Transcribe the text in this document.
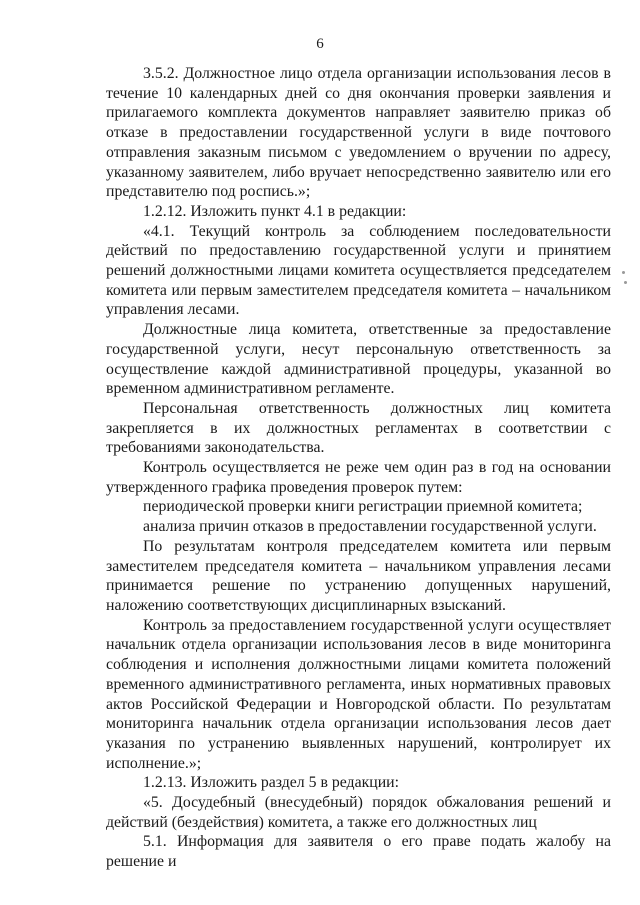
6

3.5.2. Должностное лицо отдела организации использования лесов в течение 10 календарных дней со дня окончания проверки заявления и прилагаемого комплекта документов направляет заявителю приказ об отказе в предоставлении государственной услуги в виде почтового отправления заказным письмом с уведомлением о вручении по адресу, указанному заявителем, либо вручает непосредственно заявителю или его представителю под роспись.»;

1.2.12. Изложить пункт 4.1 в редакции:

«4.1. Текущий контроль за соблюдением последовательности действий по предоставлению государственной услуги и принятием решений должностными лицами комитета осуществляется председателем комитета или первым заместителем председателя комитета – начальником управления лесами.

Должностные лица комитета, ответственные за предоставление государственной услуги, несут персональную ответственность за осуществление каждой административной процедуры, указанной во временном административном регламенте.

Персональная ответственность должностных лиц комитета закрепляется в их должностных регламентах в соответствии с требованиями законодательства.

Контроль осуществляется не реже чем один раз в год на основании утвержденного графика проведения проверок путем:

периодической проверки книги регистрации приемной комитета;

анализа причин отказов в предоставлении государственной услуги.

По результатам контроля председателем комитета или первым заместителем председателя комитета – начальником управления лесами принимается решение по устранению допущенных нарушений, наложению соответствующих дисциплинарных взысканий.

Контроль за предоставлением государственной услуги осуществляет начальник отдела организации использования лесов в виде мониторинга соблюдения и исполнения должностными лицами комитета положений временного административного регламента, иных нормативных правовых актов Российской Федерации и Новгородской области. По результатам мониторинга начальник отдела организации использования лесов дает указания по устранению выявленных нарушений, контролирует их исполнение.»;

1.2.13. Изложить раздел 5 в редакции:

«5. Досудебный (внесудебный) порядок обжалования решений и действий (бездействия) комитета, а также его должностных лиц

5.1. Информация для заявителя о его праве подать жалобу на решение и
